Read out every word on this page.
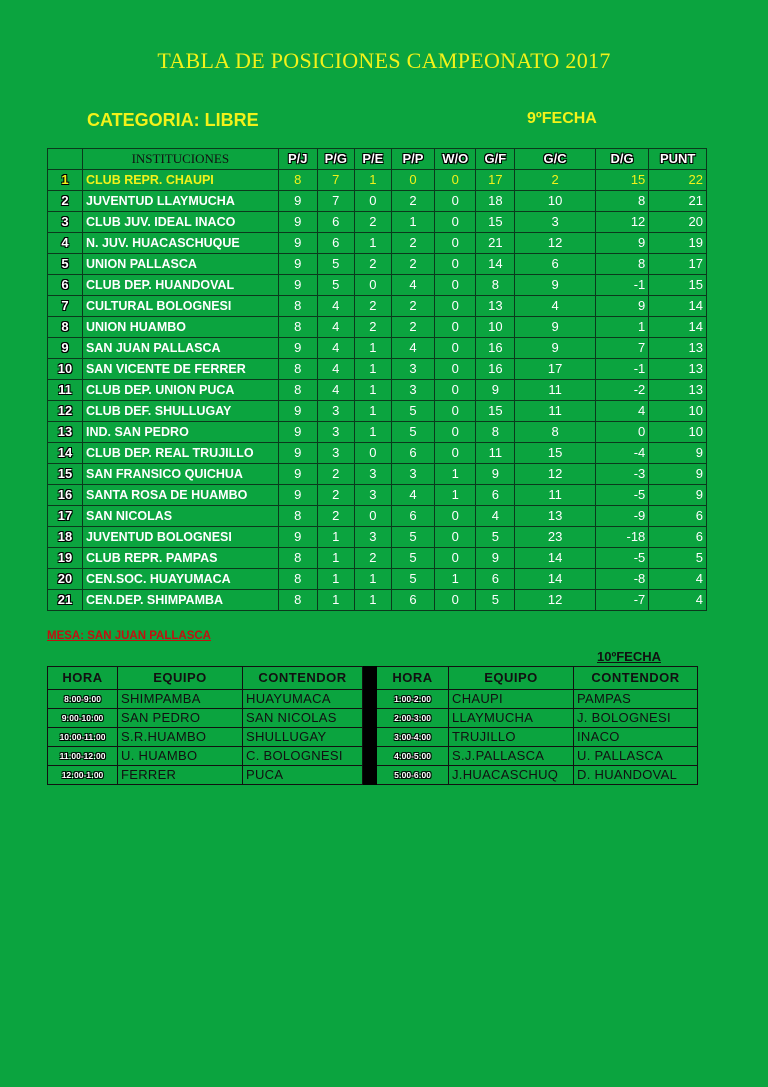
TABLA DE POSICIONES CAMPEONATO 2017
CATEGORIA: LIBRE	9ºFECHA
	INSTITUCIONES	P/J	P/G	P/E	P/P	W/O	G/F	G/C	D/G	PUNT
1	CLUB REPR. CHAUPI	8	7	1	0	0	17	2	15	22
2	JUVENTUD LLAYMUCHA	9	7	0	2	0	18	10	8	21
3	CLUB JUV. IDEAL INACO	9	6	2	1	0	15	3	12	20
4	N. JUV. HUACASCHUQUE	9	6	1	2	0	21	12	9	19
5	UNION PALLASCA	9	5	2	2	0	14	6	8	17
6	CLUB DEP. HUANDOVAL	9	5	0	4	0	8	9	-1	15
7	CULTURAL BOLOGNESI	8	4	2	2	0	13	4	9	14
8	UNION HUAMBO	8	4	2	2	0	10	9	1	14
9	SAN JUAN PALLASCA	9	4	1	4	0	16	9	7	13
10	SAN VICENTE DE FERRER	8	4	1	3	0	16	17	-1	13
11	CLUB DEP. UNION PUCA	8	4	1	3	0	9	11	-2	13
12	CLUB DEF. SHULLUGAY	9	3	1	5	0	15	11	4	10
13	IND. SAN PEDRO	9	3	1	5	0	8	8	0	10
14	CLUB DEP. REAL TRUJILLO	9	3	0	6	0	11	15	-4	9
15	SAN FRANSICO QUICHUA	9	2	3	3	1	9	12	-3	9
16	SANTA ROSA DE HUAMBO	9	2	3	4	1	6	11	-5	9
17	SAN NICOLAS	8	2	0	6	0	4	13	-9	6
18	JUVENTUD BOLOGNESI	9	1	3	5	0	5	23	-18	6
19	CLUB REPR. PAMPAS	8	1	2	5	0	9	14	-5	5
20	CEN.SOC. HUAYUMACA	8	1	1	5	1	6	14	-8	4
21	CEN.DEP. SHIMPAMBA	8	1	1	6	0	5	12	-7	4
MESA: SAN JUAN PALLASCA
10ºFECHA
HORA	EQUIPO	CONTENDOR		HORA	EQUIPO	CONTENDOR
8:00-9:00	SHIMPAMBA	HUAYUMACA		1:00-2:00	CHAUPI	PAMPAS
9:00-10:00	SAN PEDRO	SAN NICOLAS		2:00-3:00	LLAYMUCHA	J. BOLOGNESI
10:00-11:00	S.R.HUAMBO	SHULLUGAY		3:00-4:00	TRUJILLO	INACO
11:00-12:00	U. HUAMBO	C. BOLOGNESI		4:00-5:00	S.J.PALLASCA	U. PALLASCA
12:00-1:00	FERRER	PUCA		5:00-6:00	J.HUACASCHUQ	D. HUANDOVAL
